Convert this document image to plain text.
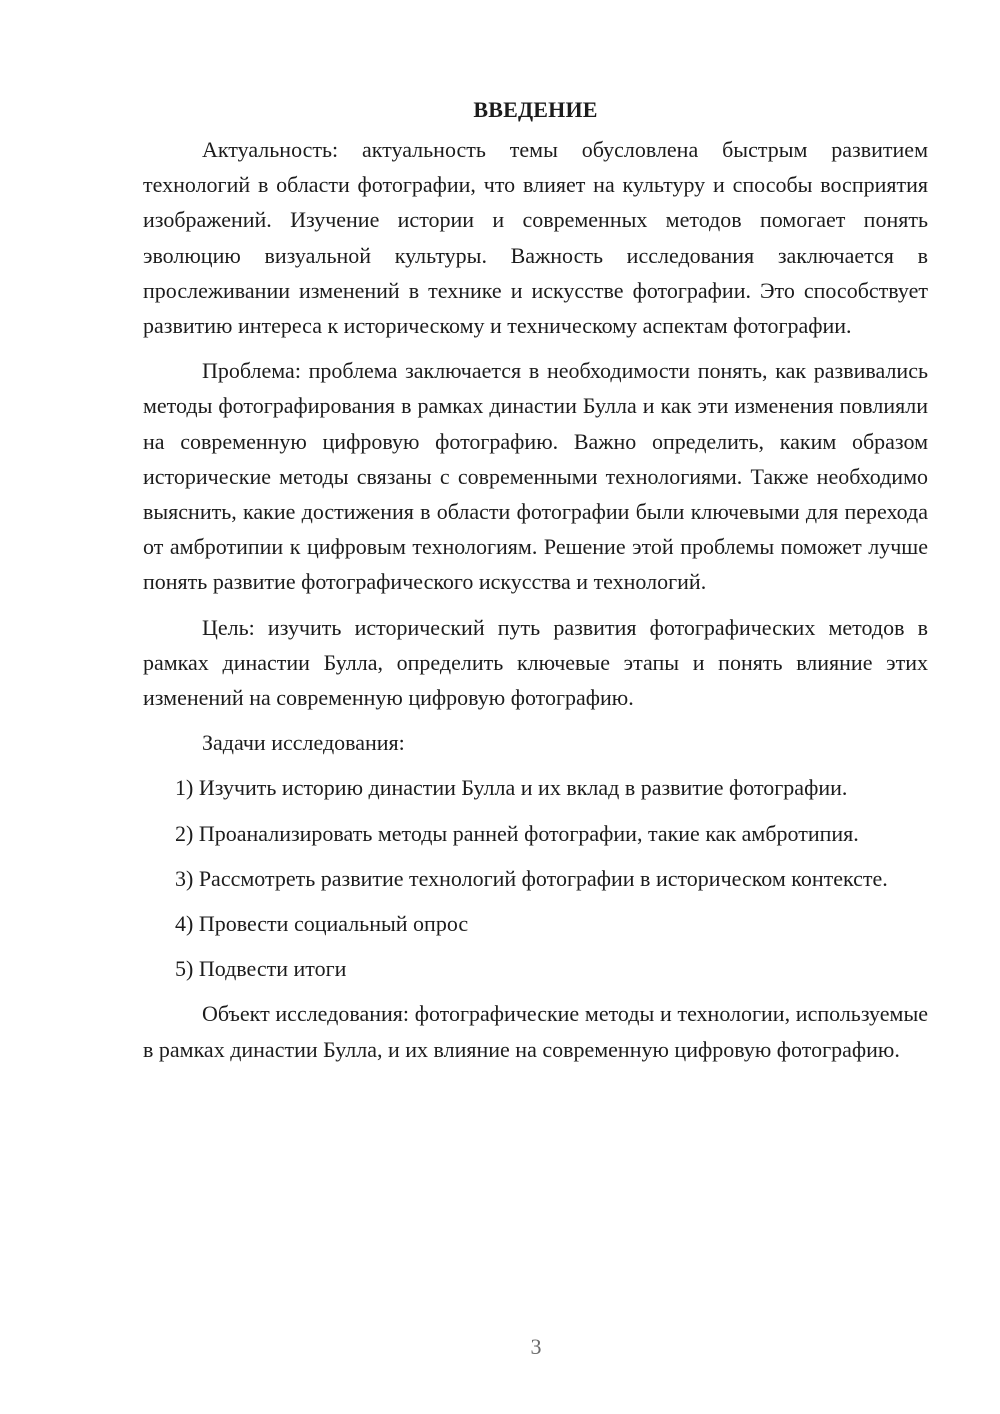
ВВЕДЕНИЕ

Актуальность: актуальность темы обусловлена быстрым развитием технологий в области фотографии, что влияет на культуру и способы восприятия изображений. Изучение истории и современных методов помогает понять эволюцию визуальной культуры. Важность исследования заключается в прослеживании изменений в технике и искусстве фотографии. Это способствует развитию интереса к историческому и техническому аспектам фотографии.

Проблема: проблема заключается в необходимости понять, как развивались методы фотографирования в рамках династии Булла и как эти изменения повлияли на современную цифровую фотографию. Важно определить, каким образом исторические методы связаны с современными технологиями. Также необходимо выяснить, какие достижения в области фотографии были ключевыми для перехода от амбротипии к цифровым технологиям. Решение этой проблемы поможет лучше понять развитие фотографического искусства и технологий.

Цель: изучить исторический путь развития фотографических методов в рамках династии Булла, определить ключевые этапы и понять влияние этих изменений на современную цифровую фотографию.

Задачи исследования:

1) Изучить историю династии Булла и их вклад в развитие фотографии.

2) Проанализировать методы ранней фотографии, такие как амбротипия.

3) Рассмотреть развитие технологий фотографии в историческом контексте.

4) Провести социальный опрос

5) Подвести итоги

Объект исследования: фотографические методы и технологии, используемые в рамках династии Булла, и их влияние на современную цифровую фотографию.

3
